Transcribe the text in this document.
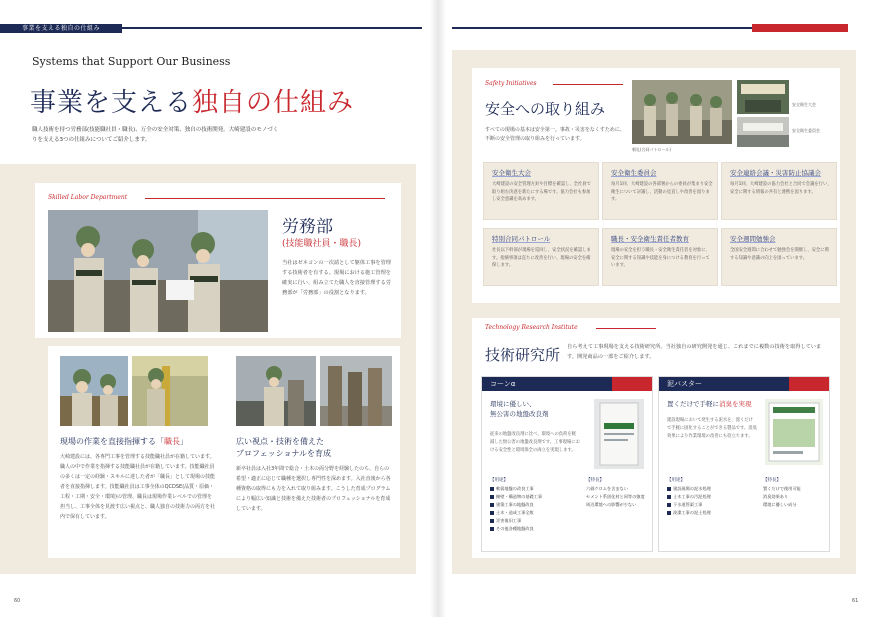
事業を支える独自の仕組み
Systems that Support Our Business
事業を支える独自の仕組み
職人技術を持つ労務部(技能職社員・職長)、万全の安全対策、独自の技術開発。大崎建設のモノづくりを支える3つの仕組みについてご紹介します。
Skilled Labor Department
労務部
(技能職社員・職長)
当社はゼネコンの一次請として躯体工事を管理する技術者を有する。現場における施工管理を確実に行い、組み立てた職人を直接管理する労務部が「労務部」の役割となります。
現場の作業を直接指揮する「職長」
大崎建設には、各専門工事を管理する技能職社員が在籍しています。職人の中で作業を指揮する技能職社員が在籍しています。技能職社員の多くは一定の経験・スキルに達した者が「職長」として現場の技能者を直接指揮します。技能職社員は工事全体のQCDSE(品質・原価・工程・工期・安全・環境)の管理、職長は現場作業レベルでの管理を担当し、工事全体を見渡す広い視点と、職人独自の技術力の両方を社内で保有しています。
広い視点・技術を備えた
プロフェッショナルを育成
新卒社員は入社3年間で総合・土木の両分野を経験したのち、自らの希望・適正に応じて職種を選択し専門性を深めます。入社直後から各種資格の取得にも力を入れて取り組みます。こうした育成プログラムにより幅広い知識と技術を備えた技術者のプロフェッショナルを育成しています。
60
Safety Initiatives
安全への取り組み
すべての現場の基本は安全第一。事故・災害をなくすために、不断の安全管理の取り組みを行っています。
朝礼(合同パトロール)
安全衛生大会
安全衛生委員会
安全衛生大会
大崎建設の安全管理方針や目標を確認し、全社員で取り組む決意を新たにする場です。協力会社も参加し安全意識を高めます。
安全衛生委員会
毎月1回、大崎建設の各部署からの委員が集まり安全衛生について討議し、活動の見直しや改善を図ります。
安全連絡会議・災害防止協議会
毎月1回、大崎建設の協力会社と合同で会議を行い、安全に関する情報の共有と連携を図ります。
特別合同パトロール
社長以下幹部が現場を巡回し、安全状況を確認します。指摘事項は直ちに改善を行い、現場の安全を確保します。
職長・安全衛生責任者教育
現場の安全を担う職長・安全衛生責任者を対象に、安全に関する知識や技能を身につける教育を行っています。
安全週間勉強会
全国安全週間に合わせて勉強会を開催し、安全に関する知識や意識の向上を図っています。
Technology Research Institute
技術研究所 自ら考えて工事現場を支える技術研究所。当社独自の研究開発を通じ、これまでに複数の技術を取得しています。開発商品の一部をご紹介します。
コーンα
環境に優しい、
無公害の地盤改良剤
従来の地盤改良剤に比べ、環境への負荷を軽減した無公害の地盤改良剤です。工事現場における安全性と環境保全の両立を実現します。
【用途】
軟弱地盤の改良工事
擁壁・構造物の基礎工事
建築工事の地盤改良
土木・造成工事全般
災害復旧工事
その他各種地盤改良
【特長】
六価クロムを含まない
セメント系固化材と同等の強度
周辺環境への影響が少ない
泥バスター
置くだけで手軽に消臭を実現
建設現場において発生する泥水を、置くだけで手軽に固化することができる製品です。消臭効果により作業環境の改善にも役立ちます。
【用途】
建設現場の泥水処理
土木工事の汚泥処理
下水道管渠工事
浚渫工事の泥土処理
【特長】
置くだけで使用可能
消臭効果あり
環境に優しい成分
61
